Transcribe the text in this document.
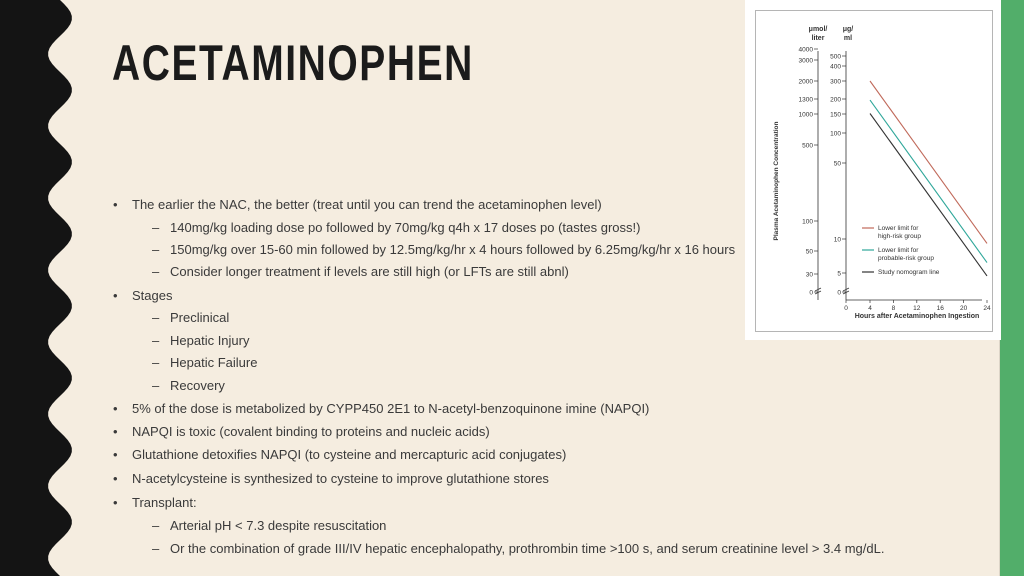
ACETAMINOPHEN
• The earlier the NAC, the better (treat until you can trend the acetaminophen level)
– 140mg/kg loading dose po followed by 70mg/kg q4h x 17 doses po (tastes gross!)
– 150mg/kg over 15-60 min followed by 12.5mg/kg/hr x 4 hours followed by 6.25mg/kg/hr x 16 hours
– Consider longer treatment if levels are still high (or LFTs are still abnl)
• Stages
– Preclinical
– Hepatic Injury
– Hepatic Failure
– Recovery
• 5% of the dose is metabolized by CYPP450 2E1 to N-acetyl-benzoquinone imine (NAPQI)
• NAPQI is toxic (covalent binding to proteins and nucleic acids)
• Glutathione detoxifies NAPQI (to cysteine and mercapturic acid conjugates)
• N-acetylcysteine is synthesized to cysteine to improve glutathione stores
• Transplant:
– Arterial pH < 7.3 despite resuscitation
– Or the combination of grade III/IV hepatic encephalopathy, prothrombin time >100 s, and serum creatinine level > 3.4 mg/dL.
μmol/
liter
μg/
ml
4000
3000
2000
1300
1000
500
100
50
30
0
500
400
300
200
150
100
50
10
5
0
0	4	8	12 16 20 24
Hours after Acetaminophen Ingestion
Plasma Acetaminophen Concentration	Lower limit for
high-risk group
Lower limit for
probable-risk group
Study nomogram line
